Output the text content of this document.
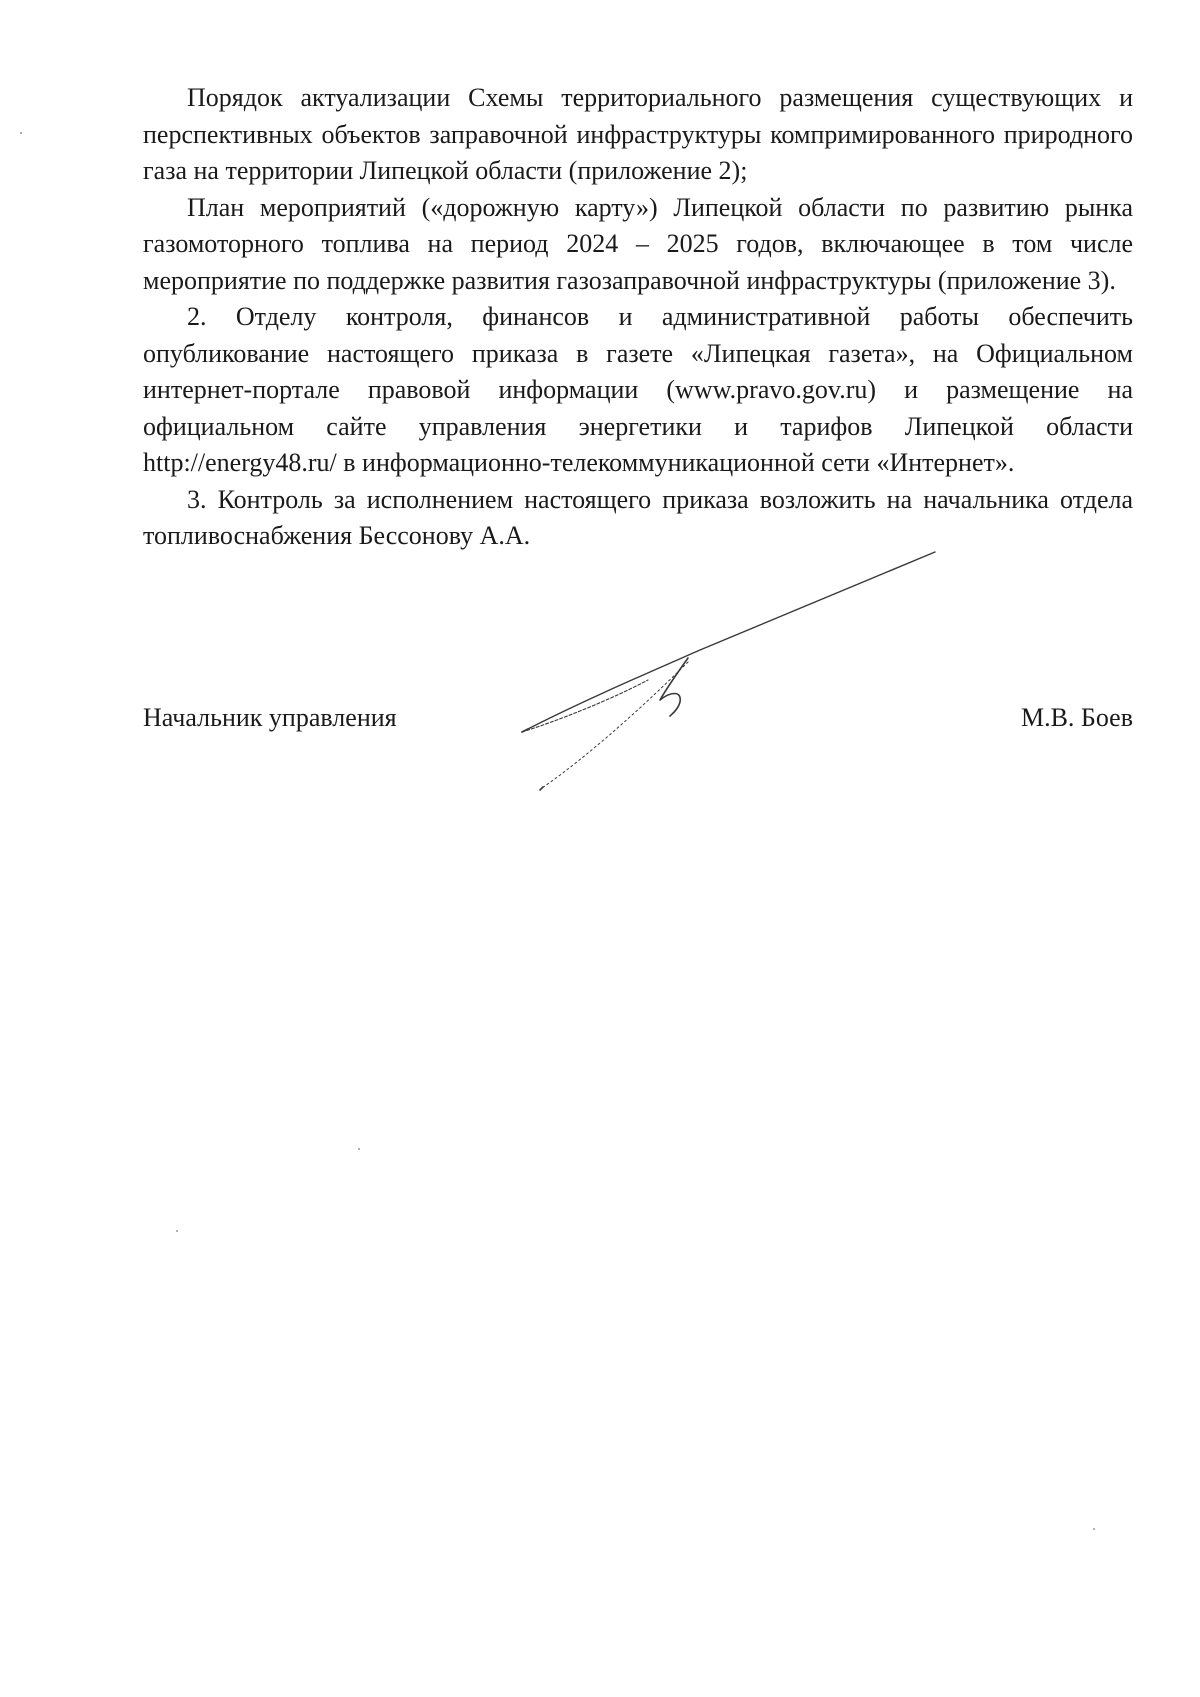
Порядок актуализации Схемы территориального размещения существующих и перспективных объектов заправочной инфраструктуры компримированного природного газа на территории Липецкой области (приложение 2);

План мероприятий («дорожную карту») Липецкой области по развитию рынка газомоторного топлива на период 2024 – 2025 годов, включающее в том числе мероприятие по поддержке развития газозаправочной инфраструктуры (приложение 3).

2. Отделу контроля, финансов и административной работы обеспечить опубликование настоящего приказа в газете «Липецкая газета», на Официальном интернет-портале правовой информации (www.pravo.gov.ru) и размещение на официальном сайте управления энергетики и тарифов Липецкой области http://energy48.ru/ в информационно-телекоммуникационной сети «Интернет».

3. Контроль за исполнением настоящего приказа возложить на начальника отдела топливоснабжения Бессонову А.А.

Начальник управления	М.В. Боев
